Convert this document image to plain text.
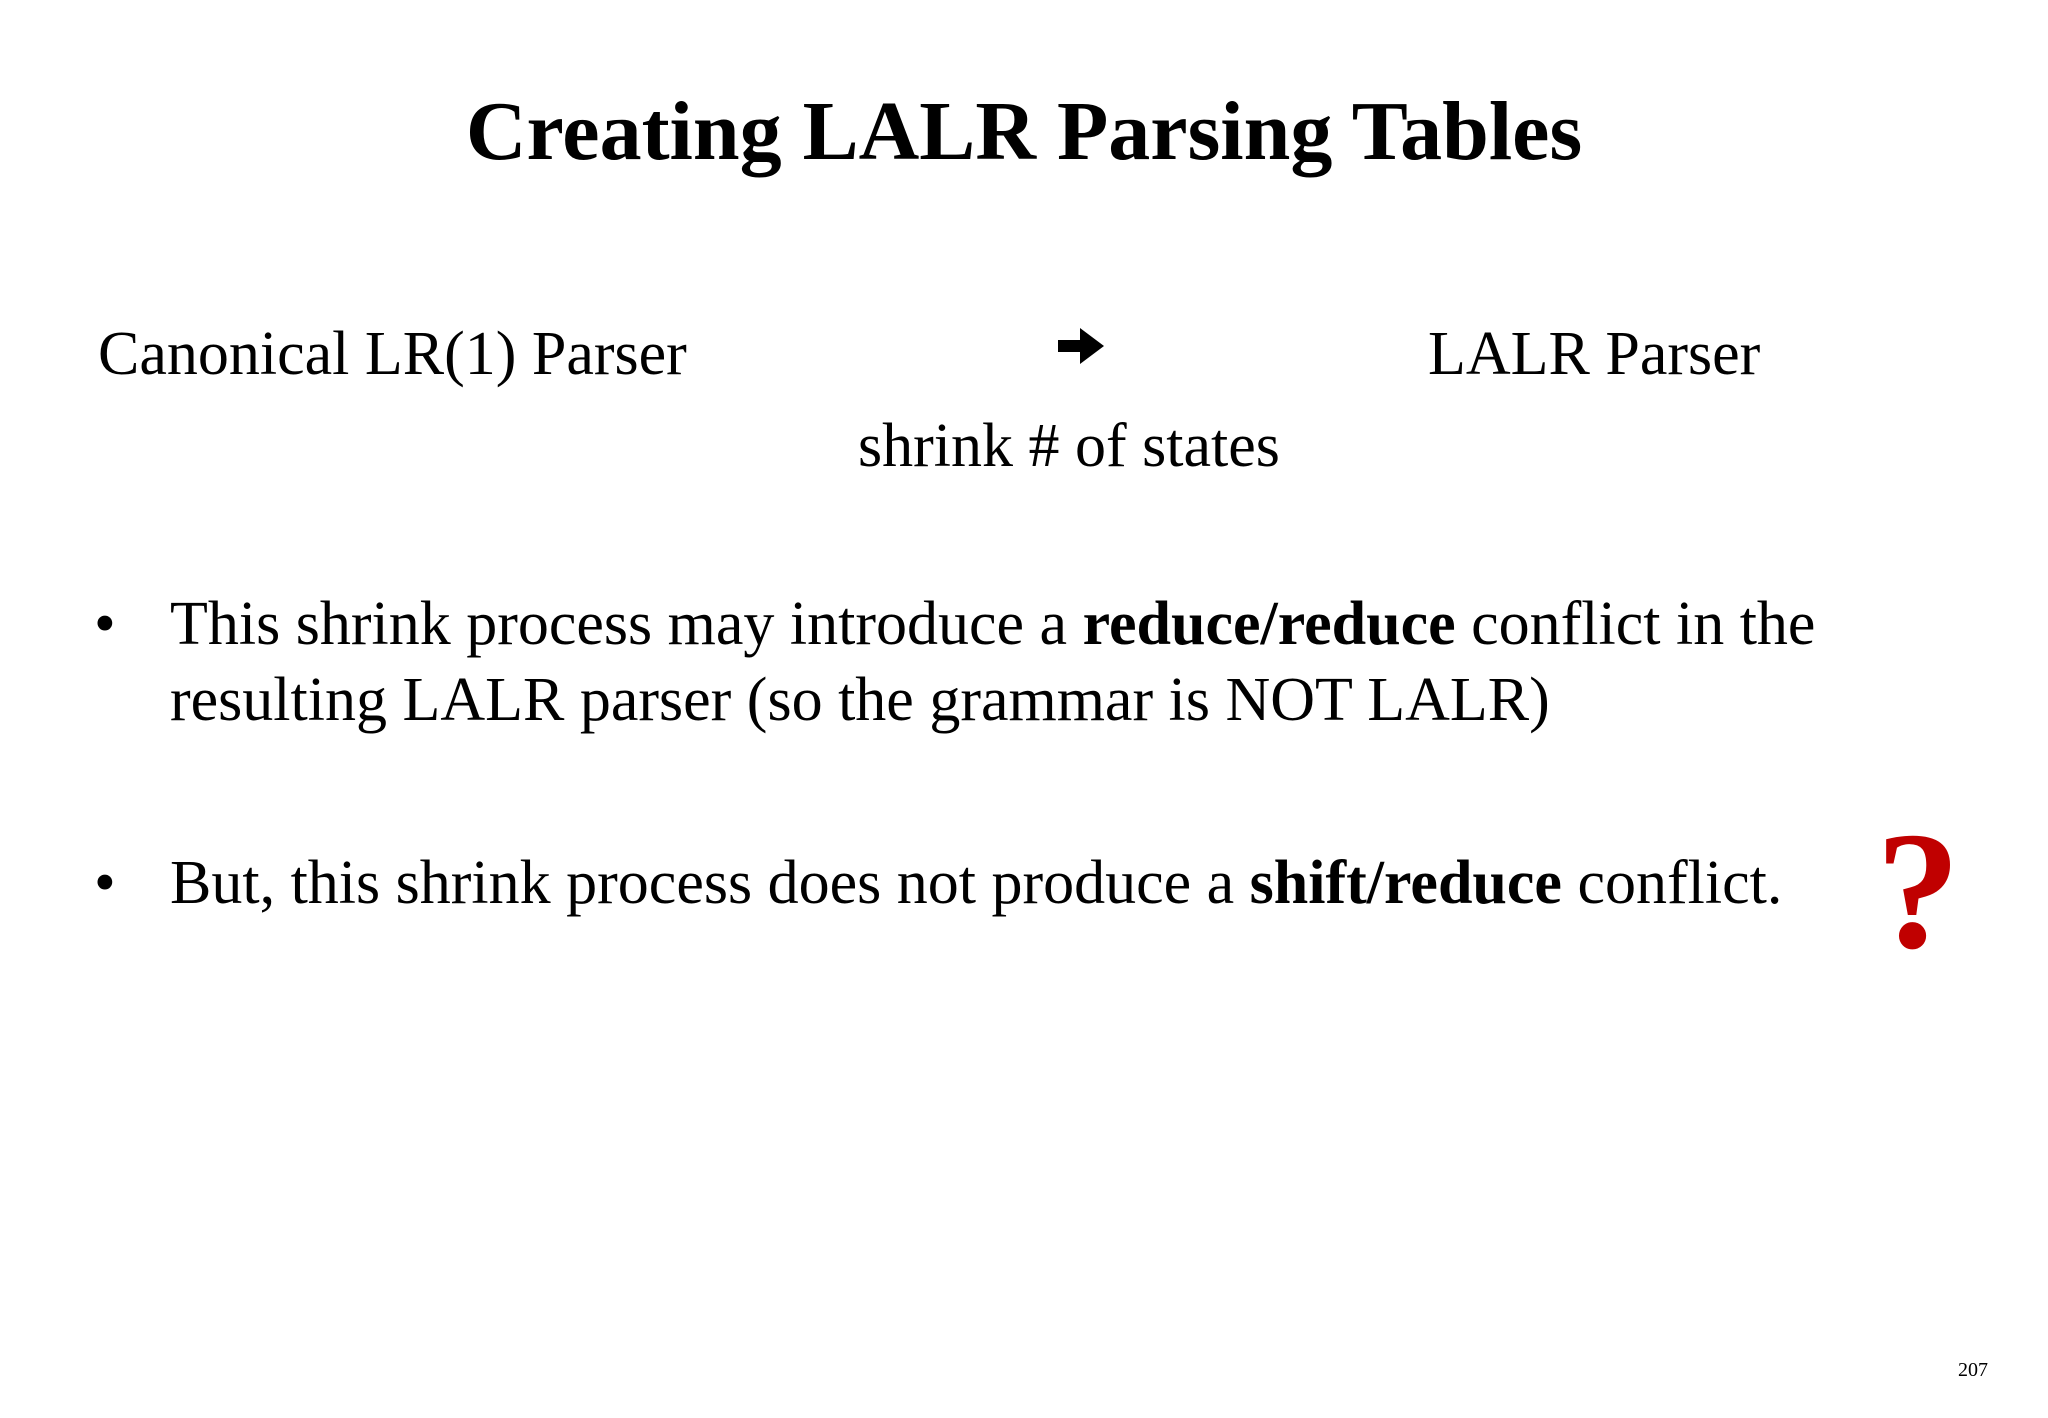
Creating LALR Parsing Tables
Canonical LR(1) Parser	LALR Parser
shrink # of states
• This shrink process may introduce a reduce/reduce conflict in the resulting LALR parser (so the grammar is NOT LALR)
• But, this shrink process does not produce a shift/reduce conflict. ?
207
